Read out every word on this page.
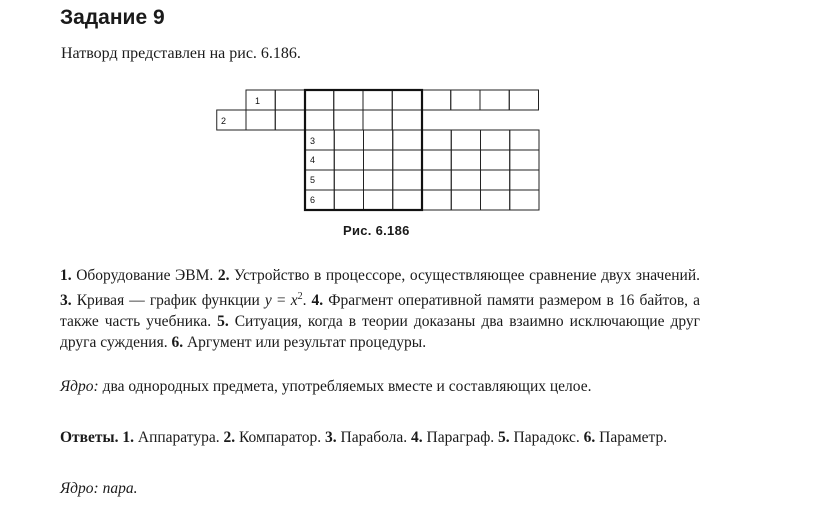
Задание 9
Натворд представлен на рис. 6.186.
1
2
3
4
5
6
Рис. 6.186
1. Оборудование ЭВМ. 2. Устройство в процессоре, осуществляющее сравнение двух значений. 3. Кривая — график функции $y = x^2$. 4. Фрагмент оперативной памяти размером в 16 байтов, а также часть учебника. 5. Ситуация, когда в теории доказаны два взаимно исключающие друг друга суждения. 6. Аргумент или результат процедуры.
Ядро: два однородных предмета, употребляемых вместе и составляющих целое.
Ответы. 1. Аппаратура. 2. Компаратор. 3. Парабола. 4. Параграф. 5. Парадокс. 6. Параметр.
Ядро: пара.
